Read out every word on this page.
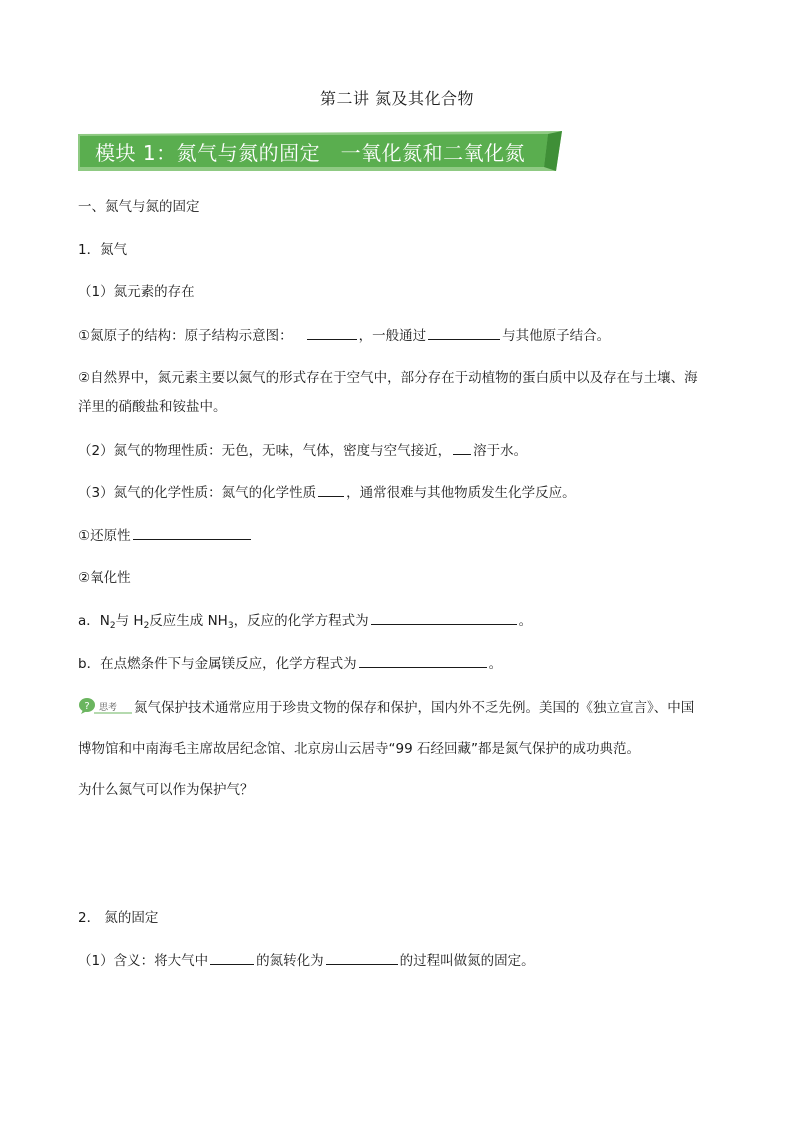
第二讲 氮及其化合物
模块 1：氮气与氮的固定　一氧化氮和二氧化氮
一、氮气与氮的固定
1．氮气
（1）氮元素的存在
①氮原子的结构：原子结构示意图：	，一般通过	与其他原子结合。
②自然界中，氮元素主要以氮气的形式存在于空气中，部分存在于动植物的蛋白质中以及存在与土壤、海
洋里的硝酸盐和铵盐中。
（2）氮气的物理性质：无色，无味，气体，密度与空气接近， 溶于水。
（3）氮气的化学性质：氮气的化学性质 ，通常很难与其他物质发生化学反应。
①还原性
②氧化性
a．$N_2$与 $H_2$反应生成 $NH_3$，反应的化学方程式为	。
b．在点燃条件下与金属镁反应，化学方程式为	。
? 思考 氮气保护技术通常应用于珍贵文物的保存和保护，国内外不乏先例。美国的《独立宣言》、中国
博物馆和中南海毛主席故居纪念馆、北京房山云居寺“99 石经回藏”都是氮气保护的成功典范。
为什么氮气可以作为保护气？
2． 氮的固定
（1）含义：将大气中	的氮转化为	的过程叫做氮的固定。
